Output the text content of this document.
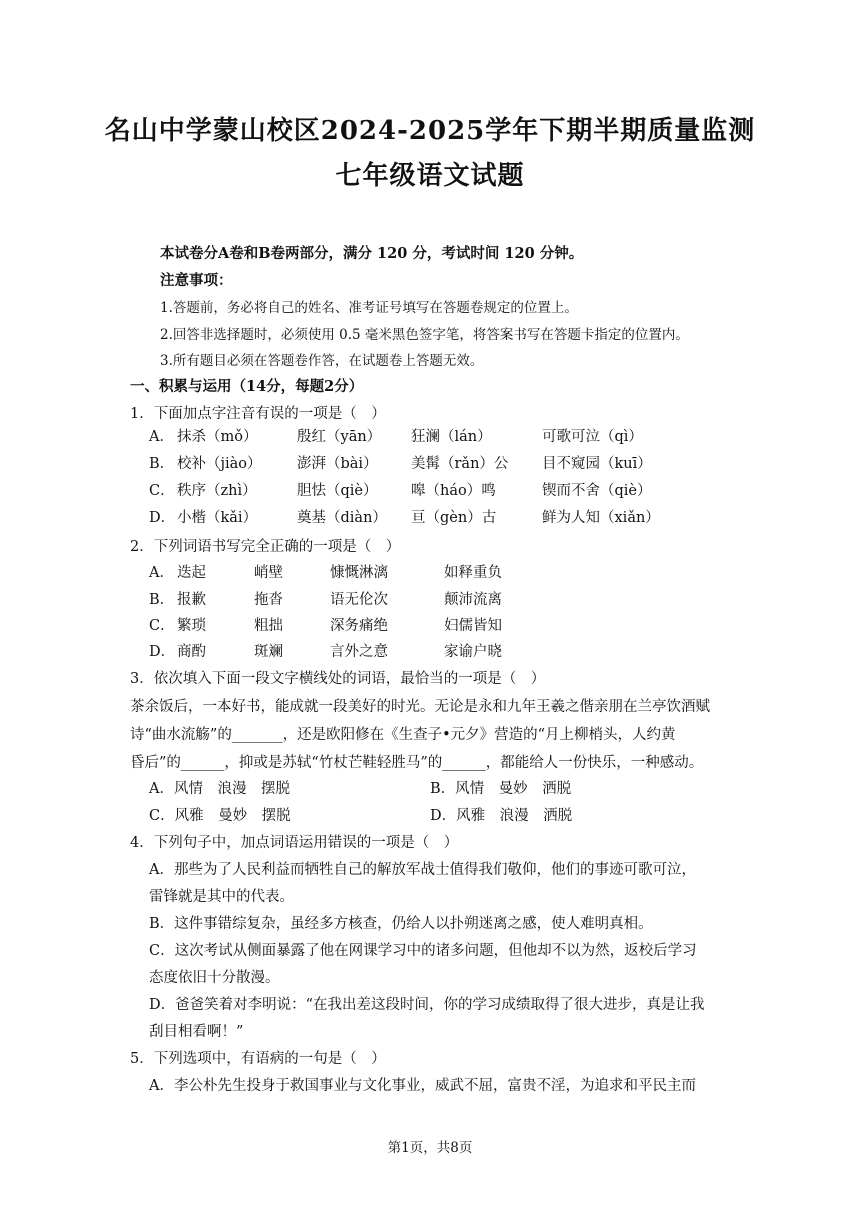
名山中学蒙山校区2024-2025学年下期半期质量监测
七年级语文试题
本试卷分A卷和B卷两部分，满分 120 分，考试时间 120 分钟。
注意事项：
1.答题前，务必将自己的姓名、准考证号填写在答题卷规定的位置上。
2.回答非选择题时，必须使用 0.5 毫米黑色签字笔，将答案书写在答题卡指定的位置内。
3.所有题目必须在答题卷作答，在试题卷上答题无效。
一、积累与运用（14分，每题2分）
1．下面加点字注音有误的一项是（　）
A． 抹杀（mǒ）	殷红（yān） 狂澜（lán）	可歌可泣（qì）
B． 校补（jiào） 澎湃（bài） 美髯（rǎn）公 目不窥园（kuī）
C． 秩序（zhì）	胆怯（qiè） 嗥（háo）鸣	锲而不舍（qiè）
D． 小楷（kǎi）	奠基（diàn） 亘（gèn）古	鲜为人知（xiǎn）
2．下列词语书写完全正确的一项是（　）
A． 迭起	峭壁	慷慨淋漓	如释重负
B． 报歉	拖沓	语无伦次	颠沛流离
C． 繁琐	粗拙	深务痛绝	妇儒皆知
D． 商酌	斑斓	言外之意	家谕户晓
3．依次填入下面一段文字横线处的词语，最恰当的一项是（　）
茶余饭后，一本好书，能成就一段美好的时光。无论是永和九年王羲之偕亲朋在兰亭饮酒赋
诗“曲水流觞”的_______，还是欧阳修在《生查子•元夕》营造的“月上柳梢头，人约黄
昏后”的______，抑或是苏轼“竹杖芒鞋轻胜马”的______，都能给人一份快乐，一种感动。
A．风情　浪漫　摆脱	B．风情　曼妙　洒脱
C．风雅　曼妙　摆脱	D．风雅　浪漫　洒脱
4．下列句子中，加点词语运用错误的一项是（　）
A．那些为了人民利益而牺牲自己的解放军战士值得我们敬仰，他们的事迹可歌可泣，
雷锋就是其中的代表。
B．这件事错综复杂，虽经多方核查，仍给人以扑朔迷离之感，使人难明真相。
C．这次考试从侧面暴露了他在网课学习中的诸多问题，但他却不以为然，返校后学习
态度依旧十分散漫。
D．爸爸笑着对李明说：“在我出差这段时间，你的学习成绩取得了很大进步，真是让我
刮目相看啊！”
5．下列选项中，有语病的一句是（　）
A．李公朴先生投身于救国事业与文化事业，威武不屈，富贵不淫，为追求和平民主而
第1页，共8页
